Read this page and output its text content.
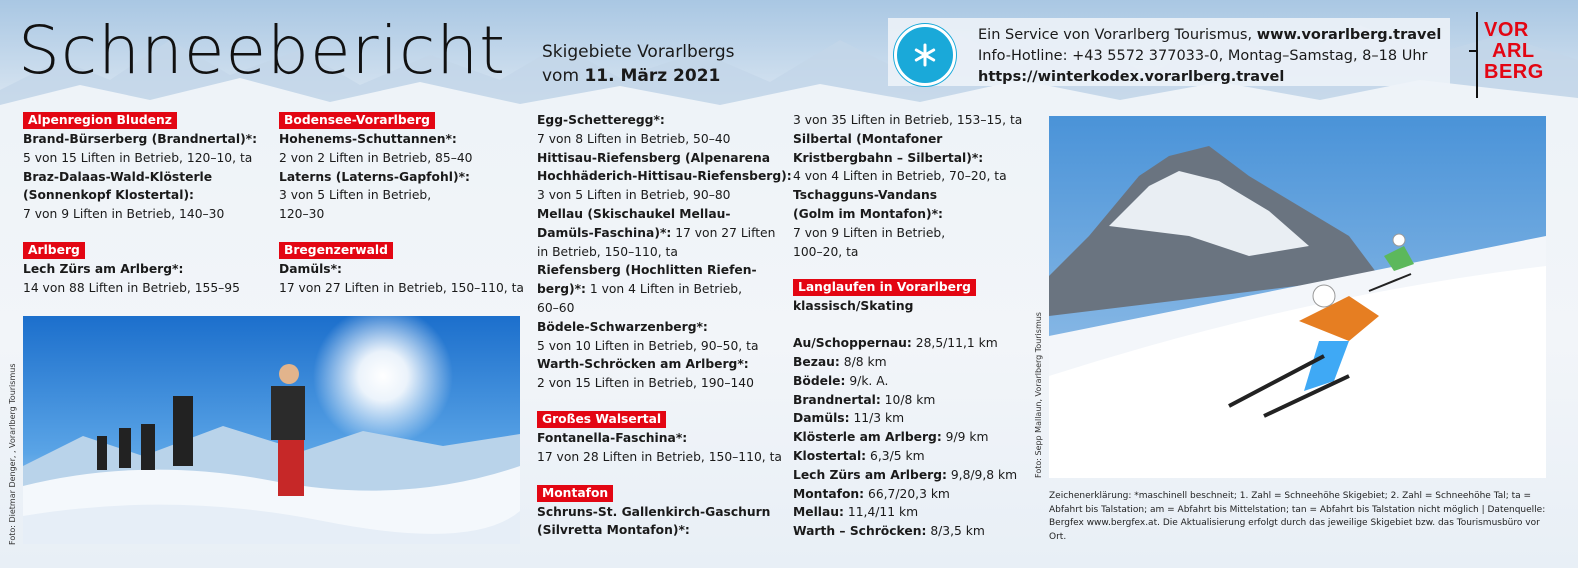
Schneebericht Skigebiete Vorarlbergs
vom 11. März 2021
Ein Service von Vorarlberg Tourismus, www.vorarlberg.travel
Info-Hotline: +43 5572 377033-0, Montag–Samstag, 8–18 Uhr
https://winterkodex.vorarlberg.travel
VOR
ARL
BERG
Alpenregion Bludenz

Brand-Bürserberg (Brandnertal)*:

5 von 15 Liften in Betrieb, 120–10, ta

Braz-Dalaas-Wald-Klösterle

(Sonnenkopf Klostertal):

7 von 9 Liften in Betrieb, 140–30

Arlberg

Lech Zürs am Arlberg*:

14 von 88 Liften in Betrieb, 155–95

Bodensee-Vorarlberg

Hohenems-Schuttannen*:

2 von 2 Liften in Betrieb, 85–40

Laterns (Laterns-Gapfohl)*:

3 von 5 Liften in Betrieb,

120–30

Bregenzerwald

Damüls*:

17 von 27 Liften in Betrieb, 150–110, ta

Egg-Schetteregg*:

7 von 8 Liften in Betrieb, 50–40

Hittisau-Riefensberg (Alpenarena

Hochhäderich-Hittisau-Riefensberg):

3 von 5 Liften in Betrieb, 90–80

Mellau (Skischaukel Mellau-

Damüls-Faschina)*: 17 von 27 Liften

in Betrieb, 150–110, ta

Riefensberg (Hochlitten Riefen-

berg)*: 1 von 4 Liften in Betrieb,

60–60

Bödele-Schwarzenberg*:

5 von 10 Liften in Betrieb, 90–50, ta

Warth-Schröcken am Arlberg*:

2 von 15 Liften in Betrieb, 190–140

Großes Walsertal

Fontanella-Faschina*:

17 von 28 Liften in Betrieb, 150–110, ta

Montafon

Schruns-St. Gallenkirch-Gaschurn

(Silvretta Montafon)*:

3 von 35 Liften in Betrieb, 153–15, ta

Silbertal (Montafoner

Kristbergbahn – Silbertal)*:

4 von 4 Liften in Betrieb, 70–20, ta

Tschagguns-Vandans

(Golm im Montafon)*:

7 von 9 Liften in Betrieb,

100–20, ta

Langlaufen in Vorarlberg

klassisch/Skating

Au/Schoppernau: 28,5/11,1 km

Bezau: 8/8 km

Bödele: 9/k. A.

Brandnertal: 10/8 km

Damüls: 11/3 km

Klösterle am Arlberg: 9/9 km

Klostertal: 6,3/5 km

Lech Zürs am Arlberg: 9,8/9,8 km

Montafon: 66,7/20,3 km

Mellau: 11,4/11 km

Warth – Schröcken: 8/3,5 km

Foto: Dietmar Denger, , Vorarlberg Tourismus	Foto: Sepp Mallaun, Vorarlberg Tourismus
Zeichenerklärung: *maschinell beschneit; 1. Zahl = Schneehöhe Skigebiet; 2. Zahl = Schneehöhe Tal; ta = Abfahrt bis Talstation; am = Abfahrt bis Mittelstation; tan = Abfahrt bis Talstation nicht möglich | Datenquelle: Bergfex www.bergfex.at. Die Aktualisierung erfolgt durch das jeweilige Skigebiet bzw. das Tourismusbüro vor Ort.
